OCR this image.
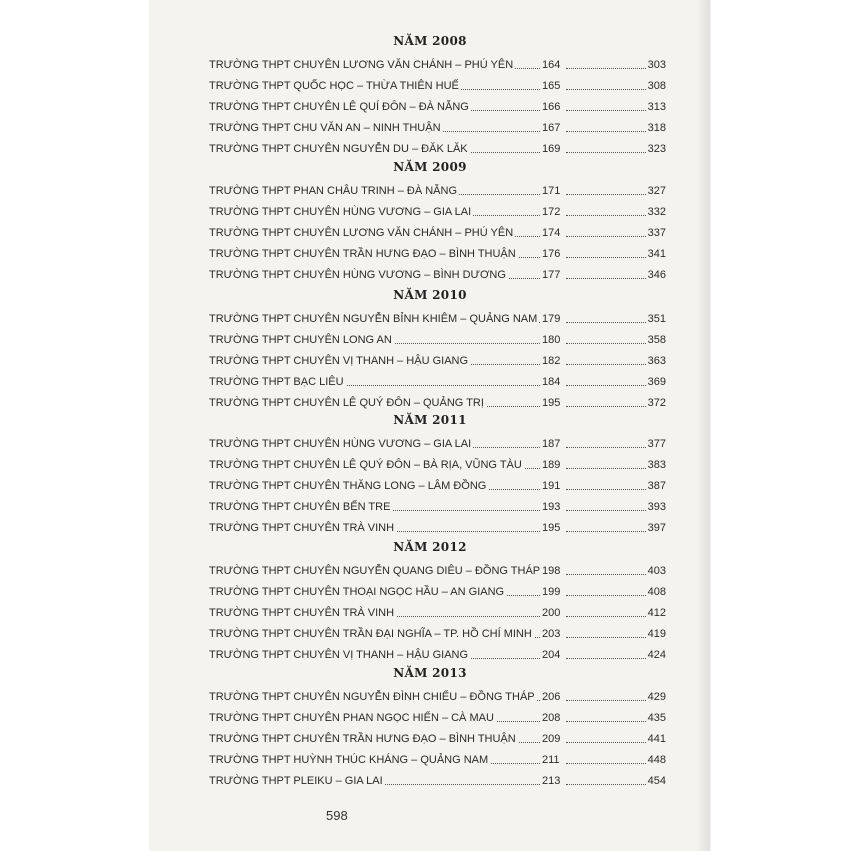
NĂM 2008
TRƯỜNG THPT CHUYÊN LƯƠNG VĂN CHÁNH – PHÚ YÊN	164	303
TRƯỜNG THPT QUỐC HỌC – THỪA THIÊN HUẾ	165	308
TRƯỜNG THPT CHUYÊN LÊ QUÍ ĐÔN – ĐÀ NẴNG	166	313
TRƯỜNG THPT CHU VĂN AN – NINH THUẬN	167	318
TRƯỜNG THPT CHUYÊN NGUYỄN DU – ĐĂK LĂK	169	323
NĂM 2009
TRƯỜNG THPT PHAN CHÂU TRINH – ĐÀ NẴNG	171	327
TRƯỜNG THPT CHUYÊN HÙNG VƯƠNG – GIA LAI	172	332
TRƯỜNG THPT CHUYÊN LƯƠNG VĂN CHÁNH – PHÚ YÊN	174	337
TRƯỜNG THPT CHUYÊN TRẦN HƯNG ĐẠO – BÌNH THUẬN 176	341
TRƯỜNG THPT CHUYÊN HÙNG VƯƠNG – BÌNH DƯƠNG	177	346
NĂM 2010
TRƯỜNG THPT CHUYÊN NGUYỄN BỈNH KHIÊM – QUẢNG NAM 179	351
TRƯỜNG THPT CHUYÊN LONG AN	180	358
TRƯỜNG THPT CHUYÊN VỊ THANH – HẬU GIANG	182	363
TRƯỜNG THPT BẠC LIÊU	184	369
TRƯỜNG THPT CHUYÊN LÊ QUÝ ĐÔN – QUẢNG TRỊ	195	372
NĂM 2011
TRƯỜNG THPT CHUYÊN HÙNG VƯƠNG – GIA LAI	187	377
TRƯỜNG THPT CHUYÊN LÊ QUÝ ĐÔN – BÀ RỊA, VŨNG TÀU 189	383
TRƯỜNG THPT CHUYÊN THĂNG LONG – LÂM ĐỒNG	191	387
TRƯỜNG THPT CHUYÊN BẾN TRE	193	393
TRƯỜNG THPT CHUYÊN TRÀ VINH	195	397
NĂM 2012
TRƯỜNG THPT CHUYÊN NGUYỄN QUANG DIÊU – ĐỒNG THÁP 198	403
TRƯỜNG THPT CHUYÊN THOẠI NGỌC HẦU – AN GIANG	199	408
TRƯỜNG THPT CHUYÊN TRÀ VINH	200	412
TRƯỜNG THPT CHUYÊN TRẦN ĐẠI NGHĨA – TP. HỒ CHÍ MINH 203	419
TRƯỜNG THPT CHUYÊN VỊ THANH – HẬU GIANG	204	424
NĂM 2013
TRƯỜNG THPT CHUYÊN NGUYỄN ĐÌNH CHIỂU – ĐỒNG THÁP 206	429
TRƯỜNG THPT CHUYÊN PHAN NGỌC HIỂN – CÀ MAU	208	435
TRƯỜNG THPT CHUYÊN TRẦN HƯNG ĐẠO – BÌNH THUẬN 209	441
TRƯỜNG THPT HUỲNH THÚC KHÁNG – QUẢNG NAM	211	448
TRƯỜNG THPT PLEIKU – GIA LAI	213	454
598
